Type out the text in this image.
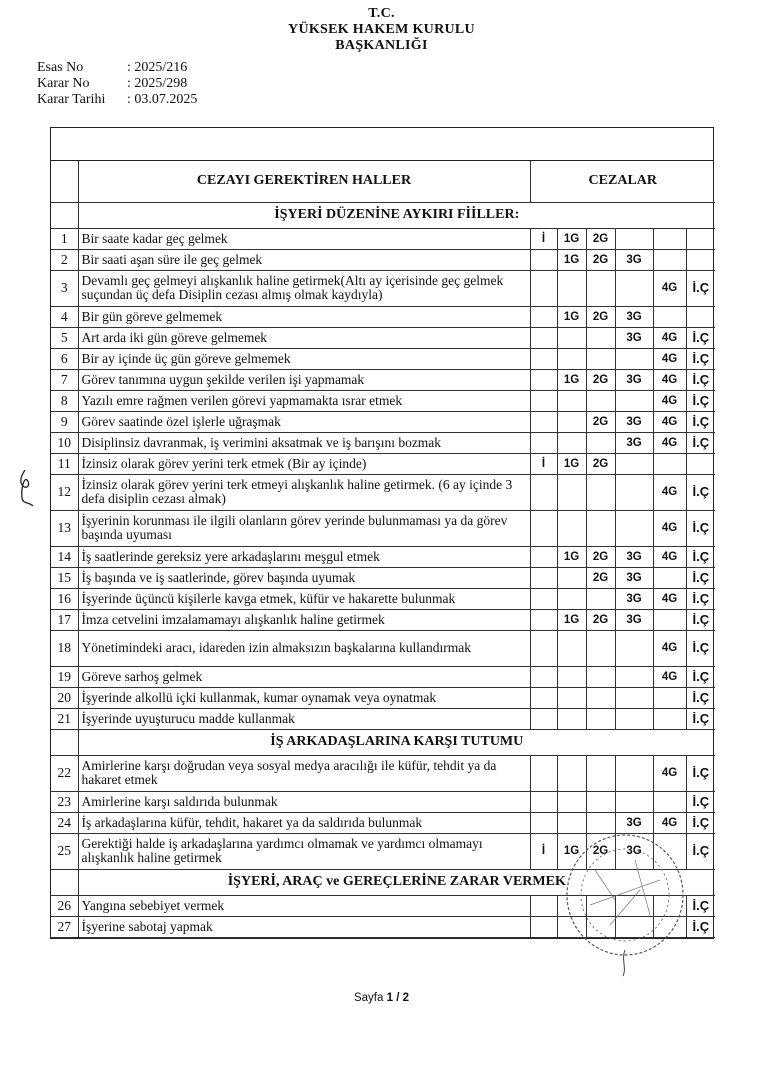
T.C.
YÜKSEK HAKEM KURULU
BAŞKANLIĞI
Esas No	: 2025/216
Karar No	: 2025/298
Karar Tarihi	: 03.07.2025
	CEZAYI GEREKTİREN HALLER	CEZALAR					
	İŞYERİ DÜZENİNE AYKIRI FİİLLER:						
1	Bir saate kadar geç gelmek	İ	1G	2G			
2	Bir saati aşan süre ile geç gelmek		1G	2G	3G		
3	Devamlı geç gelmeyi alışkanlık haline getirmek(Altı ay içerisinde geç gelmek suçundan üç defa Disiplin cezası almış olmak kaydıyla)					4G	İ.Ç
4	Bir gün göreve gelmemek		1G	2G	3G		
5	Art arda iki gün göreve gelmemek				3G	4G	İ.Ç
6	Bir ay içinde üç gün göreve gelmemek					4G	İ.Ç
7	Görev tanımına uygun şekilde verilen işi yapmamak		1G	2G	3G	4G	İ.Ç
8	Yazılı emre rağmen verilen görevi yapmamakta ısrar etmek					4G	İ.Ç
9	Görev saatinde özel işlerle uğraşmak			2G	3G	4G	İ.Ç
10	Disiplinsiz davranmak, iş verimini aksatmak ve iş barışını bozmak				3G	4G	İ.Ç
11	İzinsiz olarak görev yerini terk etmek (Bir ay içinde)	İ	1G	2G			
12	İzinsiz olarak görev yerini terk etmeyi alışkanlık haline getirmek. (6 ay içinde 3 defa disiplin cezası almak)					4G	İ.Ç
13	İşyerinin korunması ile ilgili olanların görev yerinde bulunmaması ya da görev başında uyuması					4G	İ.Ç
14	İş saatlerinde gereksiz yere arkadaşlarını meşgul etmek		1G	2G	3G	4G	İ.Ç
15	İş başında ve iş saatlerinde, görev başında uyumak			2G	3G		İ.Ç
16	İşyerinde üçüncü kişilerle kavga etmek, küfür ve hakarette bulunmak				3G	4G	İ.Ç
17	İmza cetvelini imzalamamayı alışkanlık haline getirmek		1G	2G	3G		İ.Ç
18	Yönetimindeki aracı, idareden izin almaksızın başkalarına kullandırmak					4G	İ.Ç
19	Göreve sarhoş gelmek					4G	İ.Ç
20	İşyerinde alkollü içki kullanmak, kumar oynamak veya oynatmak						İ.Ç
21	İşyerinde uyuşturucu madde kullanmak						İ.Ç
	İŞ ARKADAŞLARINA KARŞI TUTUMU						
22	Amirlerine karşı doğrudan veya sosyal medya aracılığı ile küfür, tehdit ya da hakaret etmek					4G	İ.Ç
23	Amirlerine karşı saldırıda bulunmak						İ.Ç
24	İş arkadaşlarına küfür, tehdit, hakaret ya da saldırıda bulunmak				3G	4G	İ.Ç
25	Gerektiği halde iş arkadaşlarına yardımcı olmamak ve yardımcı olmamayı alışkanlık haline getirmek	İ	1G	2G	3G		İ.Ç
	İŞYERİ, ARAÇ ve GEREÇLERİNE ZARAR VERMEK						
26	Yangına sebebiyet vermek						İ.Ç
27	İşyerine sabotaj yapmak						İ.Ç
Sayfa 1 / 2
